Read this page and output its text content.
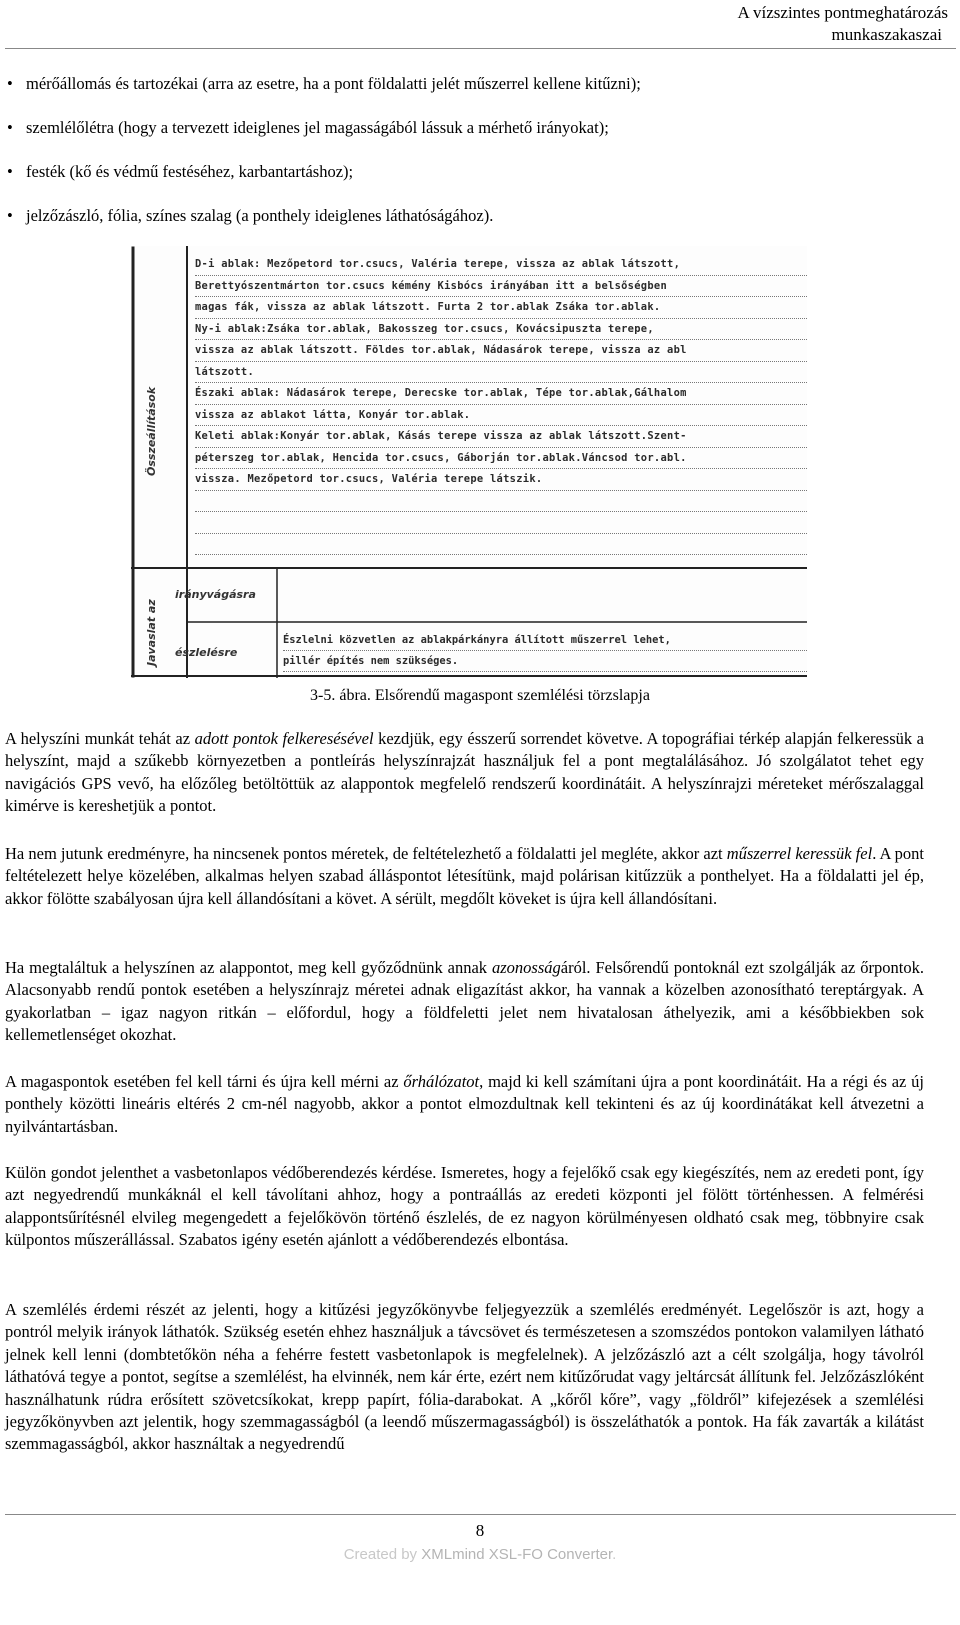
A vízszintes pontmeghatározás
munkaszakaszai
• mérőállomás és tartozékai (arra az esetre, ha a pont földalatti jelét műszerrel kellene kitűzni);
• szemlélőlétra (hogy a tervezett ideiglenes jel magasságából lássuk a mérhető irányokat);
• festék (kő és védmű festéséhez, karbantartáshoz);
• jelzőzászló, fólia, színes szalag (a ponthely ideiglenes láthatóságához).
Összeállítások
Javaslat az
irányvágásra
észlelésre
D-i ablak: Mezőpetord tor.csucs, Valéria terepe, vissza az ablak látszott,
Berettyószentmárton tor.csucs kémény Kisbócs irányában itt a belsőségben
magas fák, vissza az ablak látszott. Furta 2 tor.ablak Zsáka tor.ablak.
Ny-i ablak:Zsáka tor.ablak, Bakosszeg tor.csucs, Kovácsipuszta terepe,
vissza az ablak látszott. Földes tor.ablak, Nádasárok terepe, vissza az abl
látszott.
Északi ablak: Nádasárok terepe, Derecske tor.ablak, Tépe tor.ablak,Gálhalom
vissza az ablakot látta, Konyár tor.ablak.
Keleti ablak:Konyár tor.ablak, Kásás terepe vissza az ablak látszott.Szent-
péterszeg tor.ablak, Hencida tor.csucs, Gáborján tor.ablak.Váncsod tor.abl.
vissza. Mezőpetord tor.csucs, Valéria terepe látszik.
Észlelni közvetlen az ablakpárkányra állított műszerrel lehet,
pillér építés nem szükséges.
3-5. ábra. Elsőrendű magaspont szemlélési törzslapja

A helyszíni munkát tehát az adott pontok felkeresésével kezdjük, egy ésszerű sorrendet követve. A topográfiai térkép alapján felkeressük a helyszínt, majd a szűkebb környezetben a pontleírás helyszínrajzát használjuk fel a pont megtalálásához. Jó szolgálatot tehet egy navigációs GPS vevő, ha előzőleg betöltöttük az alappontok megfelelő rendszerű koordinátáit. A helyszínrajzi méreteket mérőszalaggal kimérve is kereshetjük a pontot.

Ha nem jutunk eredményre, ha nincsenek pontos méretek, de feltételezhető a földalatti jel megléte, akkor azt műszerrel keressük fel. A pont feltételezett helye közelében, alkalmas helyen szabad álláspontot létesítünk, majd polárisan kitűzzük a ponthelyet. Ha a földalatti jel ép, akkor fölötte szabályosan újra kell állandósítani a követ. A sérült, megdőlt köveket is újra kell állandósítani.

Ha megtaláltuk a helyszínen az alappontot, meg kell győződnünk annak azonosságáról. Felsőrendű pontoknál ezt szolgálják az őrpontok. Alacsonyabb rendű pontok esetében a helyszínrajz méretei adnak eligazítást akkor, ha vannak a közelben azonosítható tereptárgyak. A gyakorlatban – igaz nagyon ritkán – előfordul, hogy a földfeletti jelet nem hivatalosan áthelyezik, ami a későbbiekben sok kellemetlenséget okozhat.

A magaspontok esetében fel kell tárni és újra kell mérni az őrhálózatot, majd ki kell számítani újra a pont koordinátáit. Ha a régi és az új ponthely közötti lineáris eltérés 2 cm-nél nagyobb, akkor a pontot elmozdultnak kell tekinteni és az új koordinátákat kell átvezetni a nyilvántartásban.

Külön gondot jelenthet a vasbetonlapos védőberendezés kérdése. Ismeretes, hogy a fejelőkő csak egy kiegészítés, nem az eredeti pont, így azt negyedrendű munkáknál el kell távolítani ahhoz, hogy a pontraállás az eredeti központi jel fölött történhessen. A felmérési alappontsűrítésnél elvileg megengedett a fejelőkövön történő észlelés, de ez nagyon körülményesen oldható csak meg, többnyire csak külpontos műszerállással. Szabatos igény esetén ajánlott a védőberendezés elbontása.

A szemlélés érdemi részét az jelenti, hogy a kitűzési jegyzőkönyvbe feljegyezzük a szemlélés eredményét. Legelőször is azt, hogy a pontról melyik irányok láthatók. Szükség esetén ehhez használjuk a távcsövet és természetesen a szomszédos pontokon valamilyen látható jelnek kell lenni (dombtetőkön néha a fehérre festett vasbetonlapok is megfelelnek). A jelzőzászló azt a célt szolgálja, hogy távolról láthatóvá tegye a pontot, segítse a szemlélést, ha elvinnék, nem kár érte, ezért nem kitűzőrudat vagy jeltárcsát állítunk fel. Jelzőzászlóként használhatunk rúdra erősített szövetcsíkokat, krepp papírt, fólia-darabokat. A „kőről kőre”, vagy „földről” kifejezések a szemlélési jegyzőkönyvben azt jelentik, hogy szemmagasságból (a leendő műszermagasságból) is összeláthatók a pontok. Ha fák zavarták a kilátást szemmagasságból, akkor használtak a negyedrendű

8
Created by XMLmind XSL-FO Converter.
